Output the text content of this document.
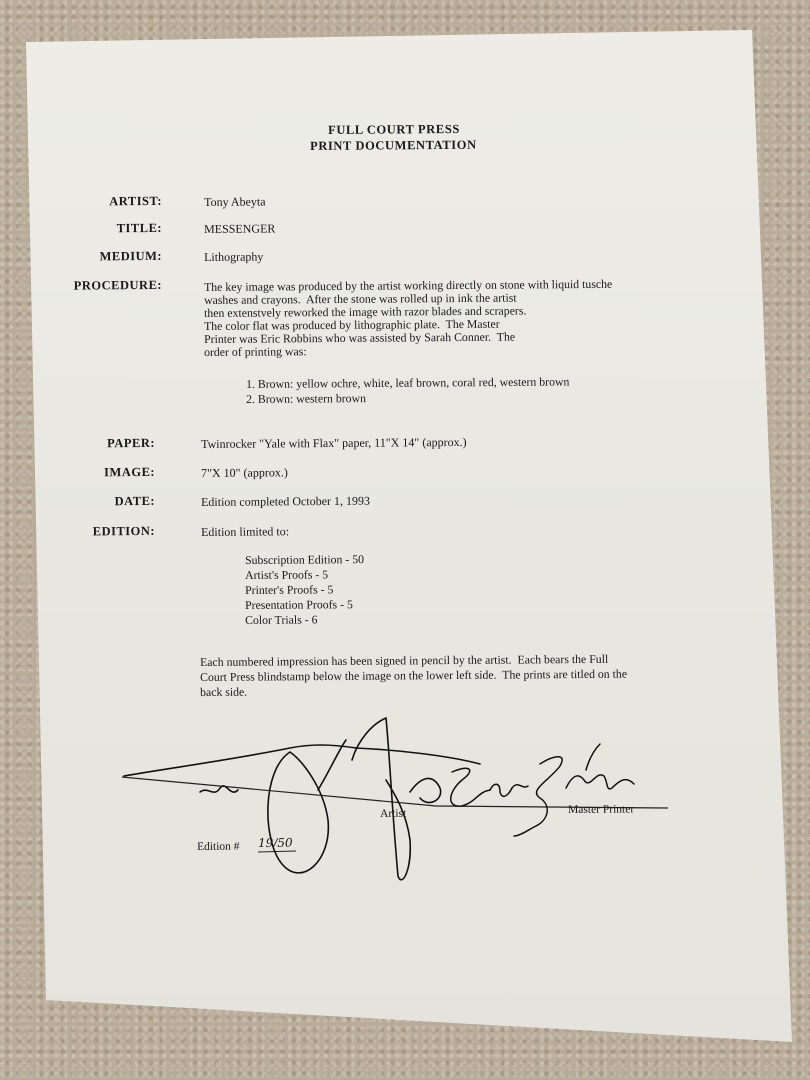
FULL COURT PRESS
PRINT DOCUMENTATION
ARTIST:	Tony Abeyta
TITLE:	MESSENGER
MEDIUM:	Lithography
PROCEDURE:	The key image was produced by the artist working directly on stone with liquid tusche
washes and crayons.  After the stone was rolled up in ink the artist
then extenstvely reworked the image with razor blades and scrapers.
The color flat was produced by lithographic plate.  The Master
Printer was Eric Robbins who was assisted by Sarah Conner.  The
order of printing was:
1. Brown: yellow ochre, white, leaf brown, coral red, western brown
2. Brown: western brown
PAPER:	Twinrocker "Yale with Flax" paper, 11"X 14" (approx.)
IMAGE:	7"X 10" (approx.)
DATE:	Edition completed October 1, 1993
EDITION:	Edition limited to:
Subscription Edition - 50
Artist's Proofs - 5
Printer's Proofs - 5
Presentation Proofs - 5
Color Trials - 6
Each numbered impression has been signed in pencil by the artist.  Each bears the Full
Court Press blindstamp below the image on the lower left side.  The prints are titled on the
back side.
Artist	Master Printer
Edition # 19/50
